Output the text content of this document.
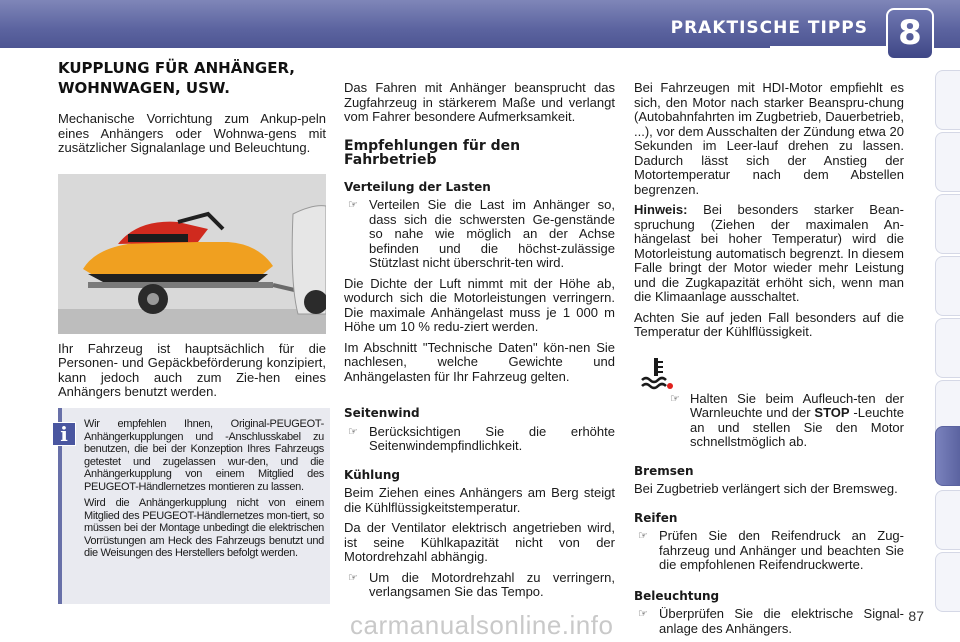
PRAKTISCHE TIPPS 8
KUPPLUNG FÜR ANHÄNGER,
WOHNWAGEN, USW.

Mechanische Vorrichtung zum Ankup-peln eines Anhängers oder Wohnwa-gens mit zusätzlicher Signalanlage und Beleuchtung.

Ihr Fahrzeug ist hauptsächlich für die Personen- und Gepäckbeförderung konzipiert, kann jedoch auch zum Zie-hen eines Anhängers benutzt werden.

Wir empfehlen Ihnen, Original-PEUGEOT-Anhängerkupplungen und -Anschlusskabel zu benutzen, die bei der Konzeption Ihres Fahrzeugs getestet und zugelassen wur-den, und die Anhängerkupplung von einem Mitglied des PEUGEOT-Händlernetzes montieren zu lassen.

Wird die Anhängerkupplung nicht von einem Mitglied des PEUGEOT-Händlernetzes mon-tiert, so müssen bei der Montage unbedingt die elektrischen Vorrüstungen am Heck des Fahrzeugs benutzt und die Weisungen des Herstellers befolgt werden.

i

Das Fahren mit Anhänger beansprucht das Zugfahrzeug in stärkerem Maße und verlangt vom Fahrer besondere Aufmerksamkeit.

Empfehlungen für den Fahrbetrieb
Verteilung der Lasten
☞ Verteilen Sie die Last im Anhänger so, dass sich die schwersten Ge-genstände so nahe wie möglich an der Achse befinden und die höchst-zulässige Stützlast nicht überschrit-ten wird.

Die Dichte der Luft nimmt mit der Höhe ab, wodurch sich die Motorleistungen verringern. Die maximale Anhängelast muss je 1 000 m Höhe um 10 % redu-ziert werden.

Im Abschnitt "Technische Daten" kön-nen Sie nachlesen, welche Gewichte und Anhängelasten für Ihr Fahrzeug gelten.

Seitenwind
☞ Berücksichtigen Sie die erhöhte Seitenwindempfindlichkeit.
Kühlung

Beim Ziehen eines Anhängers am Berg steigt die Kühlflüssigkeitstemperatur.

Da der Ventilator elektrisch angetrieben wird, ist seine Kühlkapazität nicht von der Motordrehzahl abhängig.

☞ Um die Motordrehzahl zu verringern, verlangsamen Sie das Tempo.

Bei Fahrzeugen mit HDI-Motor empfiehlt es sich, den Motor nach starker Beanspru-chung (Autobahnfahrten im Zugbetrieb, Dauerbetrieb, ...), vor dem Ausschalten der Zündung etwa 20 Sekunden im Leer-lauf drehen zu lassen. Dadurch lässt sich der Anstieg der Motortemperatur nach dem Abstellen begrenzen.

Hinweis: Bei besonders starker Bean-spruchung (Ziehen der maximalen An-hängelast bei hoher Temperatur) wird die Motorleistung automatisch begrenzt. In diesem Falle bringt der Motor wieder mehr Leistung und die Zugkapazität erhöht sich, wenn man die Klimaanlage ausschaltet.

Achten Sie auf jeden Fall besonders auf die Temperatur der Kühlflüssigkeit.

☞ Halten Sie beim Aufleuch-ten der Warnleuchte und der STOP -Leuchte an und stellen Sie den Motor schnellstmöglich ab.
Bremsen

Bei Zugbetrieb verlängert sich der Bremsweg.

Reifen
☞ Prüfen Sie den Reifendruck an Zug-fahrzeug und Anhänger und beachten Sie die empfohlenen Reifendruckwerte.
Beleuchtung
☞ Überprüfen Sie die elektrische Signal-anlage des Anhängers.
carmanualsonline.info	87
